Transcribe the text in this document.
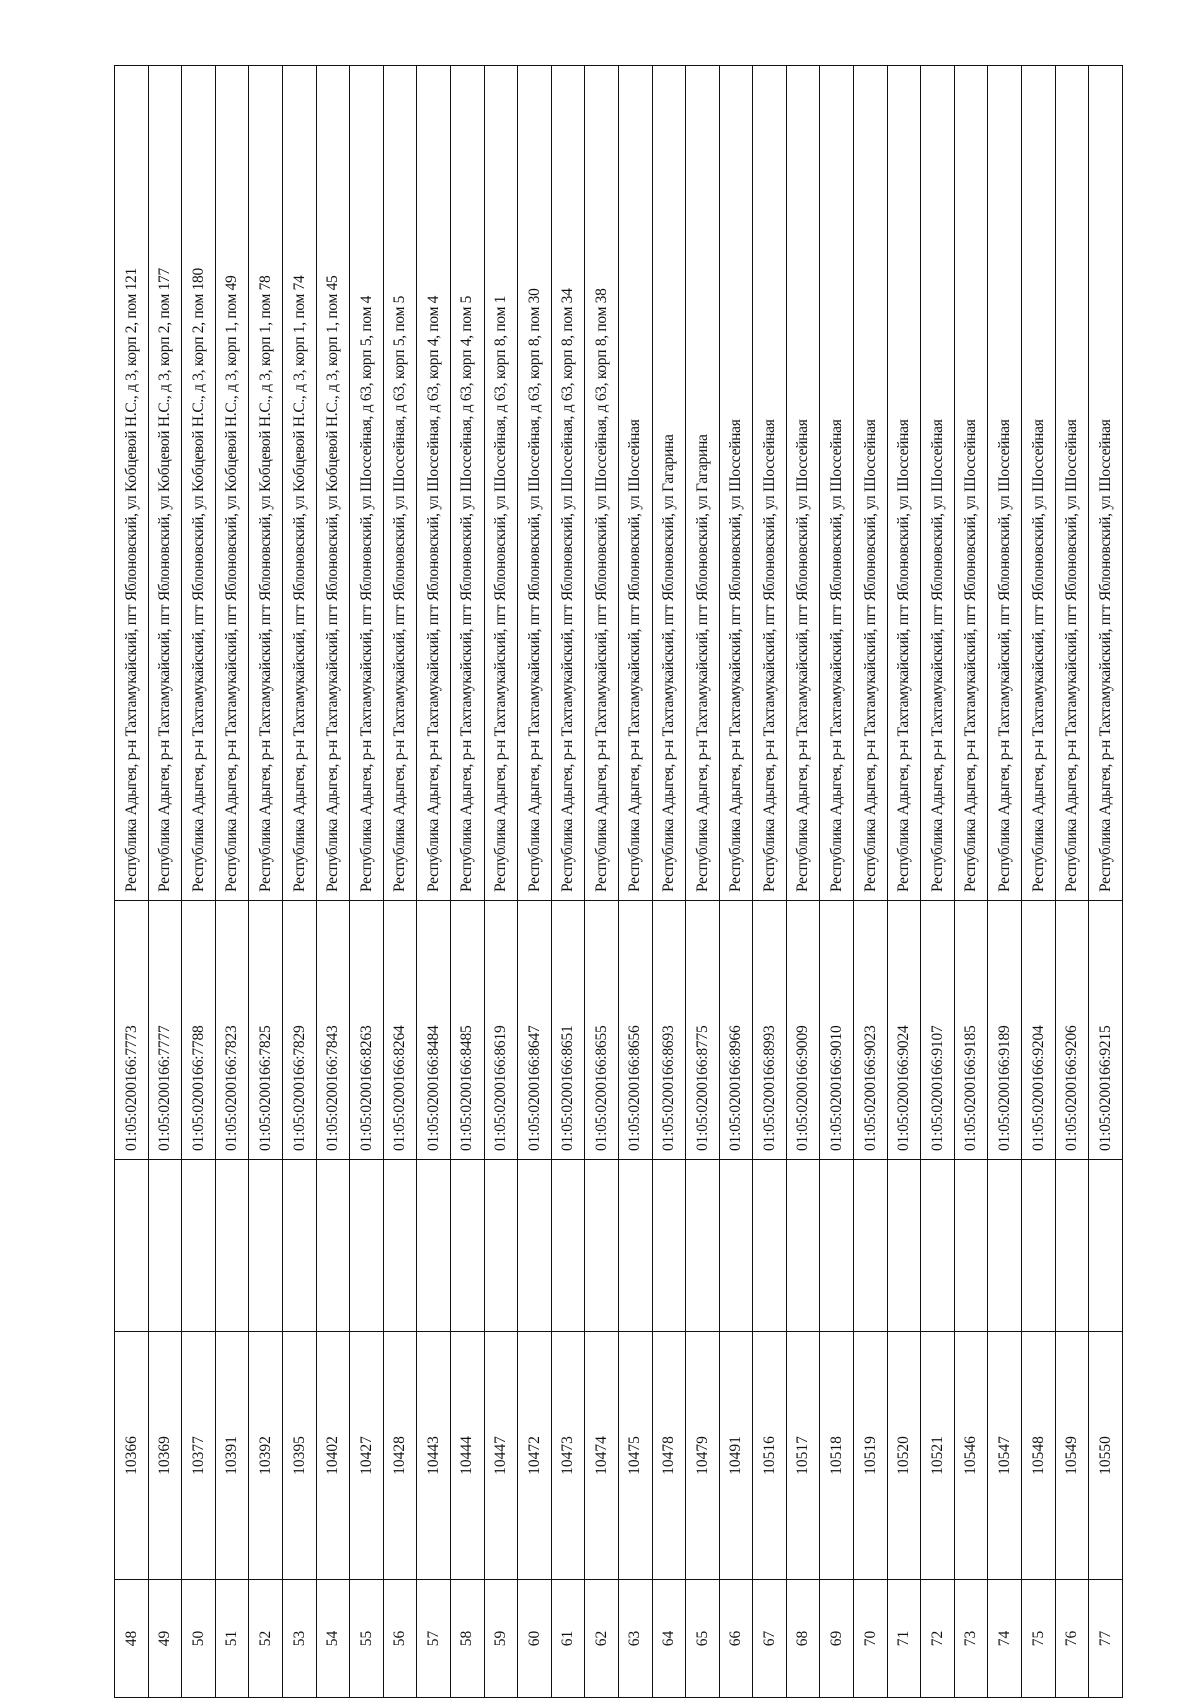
48	10366		01:05:0200166:7773	Республика Адыгея, р-н Тахтамукайский, пгт Яблоновский, ул Кобцевой Н.С., д 3, корп 2, пом 121
49	10369		01:05:0200166:7777	Республика Адыгея, р-н Тахтамукайский, пгт Яблоновский, ул Кобцевой Н.С., д 3, корп 2, пом 177
50	10377		01:05:0200166:7788	Республика Адыгея, р-н Тахтамукайский, пгт Яблоновский, ул Кобцевой Н.С., д 3, корп 2, пом 180
51	10391		01:05:0200166:7823	Республика Адыгея, р-н Тахтамукайский, пгт Яблоновский, ул Кобцевой Н.С., д 3, корп 1, пом 49
52	10392		01:05:0200166:7825	Республика Адыгея, р-н Тахтамукайский, пгт Яблоновский, ул Кобцевой Н.С., д 3, корп 1, пом 78
53	10395		01:05:0200166:7829	Республика Адыгея, р-н Тахтамукайский, пгт Яблоновский, ул Кобцевой Н.С., д 3, корп 1, пом 74
54	10402		01:05:0200166:7843	Республика Адыгея, р-н Тахтамукайский, пгт Яблоновский, ул Кобцевой Н.С., д 3, корп 1, пом 45
55	10427		01:05:0200166:8263	Республика Адыгея, р-н Тахтамукайский, пгт Яблоновский, ул Шоссейная, д 63, корп 5, пом 4
56	10428		01:05:0200166:8264	Республика Адыгея, р-н Тахтамукайский, пгт Яблоновский, ул Шоссейная, д 63, корп 5, пом 5
57	10443		01:05:0200166:8484	Республика Адыгея, р-н Тахтамукайский, пгт Яблоновский, ул Шоссейная, д 63, корп 4, пом 4
58	10444		01:05:0200166:8485	Республика Адыгея, р-н Тахтамукайский, пгт Яблоновский, ул Шоссейная, д 63, корп 4, пом 5
59	10447		01:05:0200166:8619	Республика Адыгея, р-н Тахтамукайский, пгт Яблоновский, ул Шоссейная, д 63, корп 8, пом 1
60	10472		01:05:0200166:8647	Республика Адыгея, р-н Тахтамукайский, пгт Яблоновский, ул Шоссейная, д 63, корп 8, пом 30
61	10473		01:05:0200166:8651	Республика Адыгея, р-н Тахтамукайский, пгт Яблоновский, ул Шоссейная, д 63, корп 8, пом 34
62	10474		01:05:0200166:8655	Республика Адыгея, р-н Тахтамукайский, пгт Яблоновский, ул Шоссейная, д 63, корп 8, пом 38
63	10475		01:05:0200166:8656	Республика Адыгея, р-н Тахтамукайский, пгт Яблоновский, ул Шоссейная
64	10478		01:05:0200166:8693	Республика Адыгея, р-н Тахтамукайский, пгт Яблоновский, ул Гагарина
65	10479		01:05:0200166:8775	Республика Адыгея, р-н Тахтамукайский, пгт Яблоновский, ул Гагарина
66	10491		01:05:0200166:8966	Республика Адыгея, р-н Тахтамукайский, пгт Яблоновский, ул Шоссейная
67	10516		01:05:0200166:8993	Республика Адыгея, р-н Тахтамукайский, пгт Яблоновский, ул Шоссейная
68	10517		01:05:0200166:9009	Республика Адыгея, р-н Тахтамукайский, пгт Яблоновский, ул Шоссейная
69	10518		01:05:0200166:9010	Республика Адыгея, р-н Тахтамукайский, пгт Яблоновский, ул Шоссейная
70	10519		01:05:0200166:9023	Республика Адыгея, р-н Тахтамукайский, пгт Яблоновский, ул Шоссейная
71	10520		01:05:0200166:9024	Республика Адыгея, р-н Тахтамукайский, пгт Яблоновский, ул Шоссейная
72	10521		01:05:0200166:9107	Республика Адыгея, р-н Тахтамукайский, пгт Яблоновский, ул Шоссейная
73	10546		01:05:0200166:9185	Республика Адыгея, р-н Тахтамукайский, пгт Яблоновский, ул Шоссейная
74	10547		01:05:0200166:9189	Республика Адыгея, р-н Тахтамукайский, пгт Яблоновский, ул Шоссейная
75	10548		01:05:0200166:9204	Республика Адыгея, р-н Тахтамукайский, пгт Яблоновский, ул Шоссейная
76	10549		01:05:0200166:9206	Республика Адыгея, р-н Тахтамукайский, пгт Яблоновский, ул Шоссейная
77	10550		01:05:0200166:9215	Республика Адыгея, р-н Тахтамукайский, пгт Яблоновский, ул Шоссейная
